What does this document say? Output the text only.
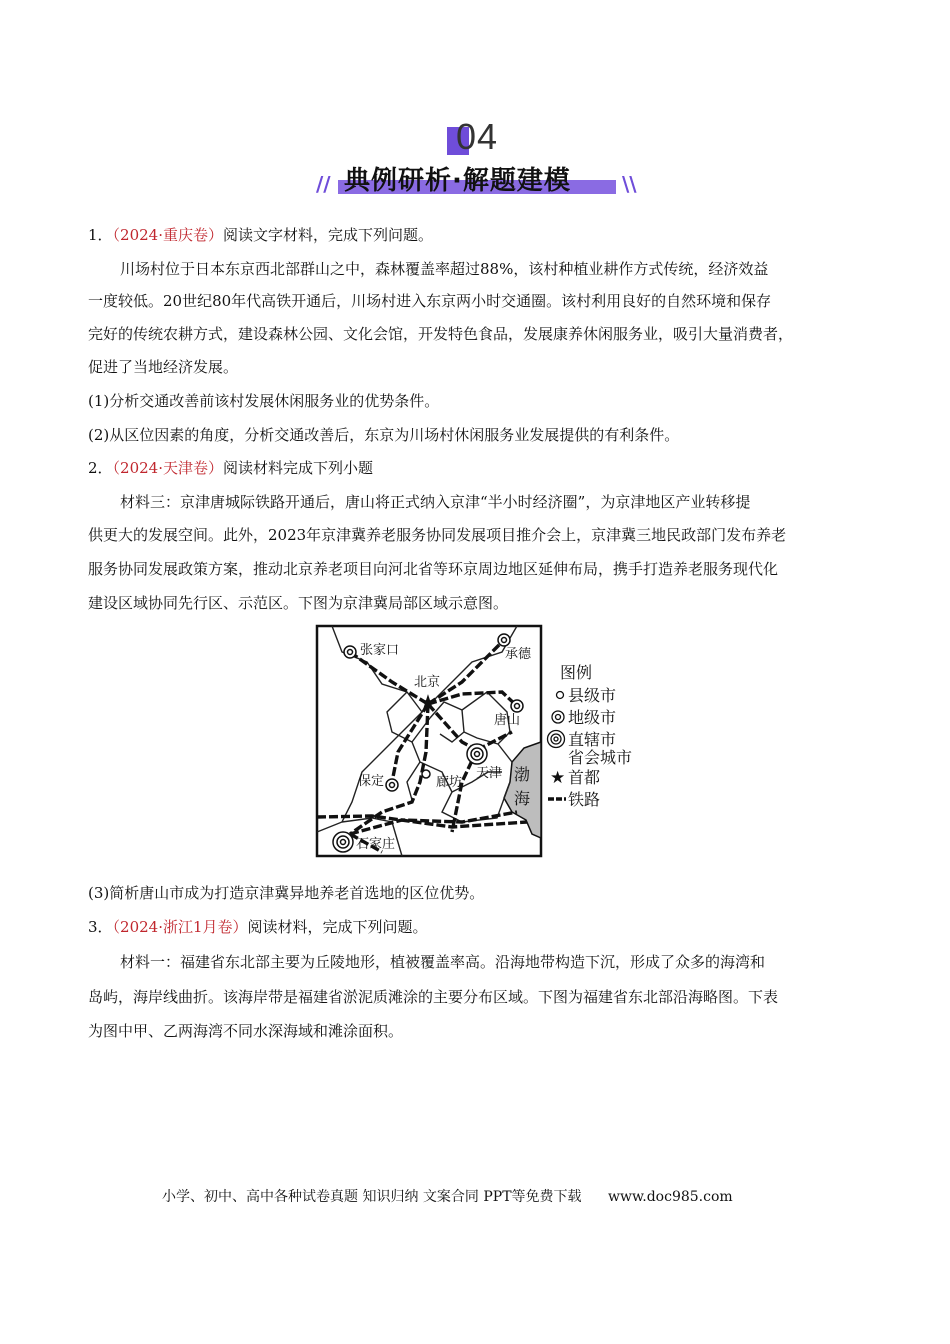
04
//	\\
典例研析·解题建模
1．（2024·重庆卷）阅读文字材料，完成下列问题。
川场村位于日本东京西北部群山之中，森林覆盖率超过88%，该村种植业耕作方式传统，经济效益
一度较低。20世纪80年代高铁开通后，川场村进入东京两小时交通圈。该村利用良好的自然环境和保存
完好的传统农耕方式，建设森林公园、文化会馆，开发特色食品，发展康养休闲服务业，吸引大量消费者，
促进了当地经济发展。
(1)分析交通改善前该村发展休闲服务业的优势条件。
(2)从区位因素的角度，分析交通改善后，东京为川场村休闲服务业发展提供的有利条件。
2．（2024·天津卷）阅读材料完成下列小题
材料三：京津唐城际铁路开通后，唐山将正式纳入京津“半小时经济圈”，为京津地区产业转移提
供更大的发展空间。此外，2023年京津冀养老服务协同发展项目推介会上，京津冀三地民政部门发布养老
服务协同发展政策方案，推动北京养老项目向河北省等环京周边地区延伸布局，携手打造养老服务现代化
建设区域协同先行区、示范区。下图为京津冀局部区域示意图。
★
张家口	承德
北京
唐山
天津
保定	廊坊
石家庄
渤
海
图例
县级市
地级市
直辖市
省会城市
★ 首都
铁路
(3)简析唐山市成为打造京津冀异地养老首选地的区位优势。
3．（2024·浙江1月卷）阅读材料，完成下列问题。
材料一：福建省东北部主要为丘陵地形，植被覆盖率高。沿海地带构造下沉，形成了众多的海湾和
岛屿，海岸线曲折。该海岸带是福建省淤泥质滩涂的主要分布区域。下图为福建省东北部沿海略图。下表
为图中甲、乙两海湾不同水深海域和滩涂面积。
小学、初中、高中各种试卷真题 知识归纳 文案合同 PPT等免费下载 www.doc985.com
